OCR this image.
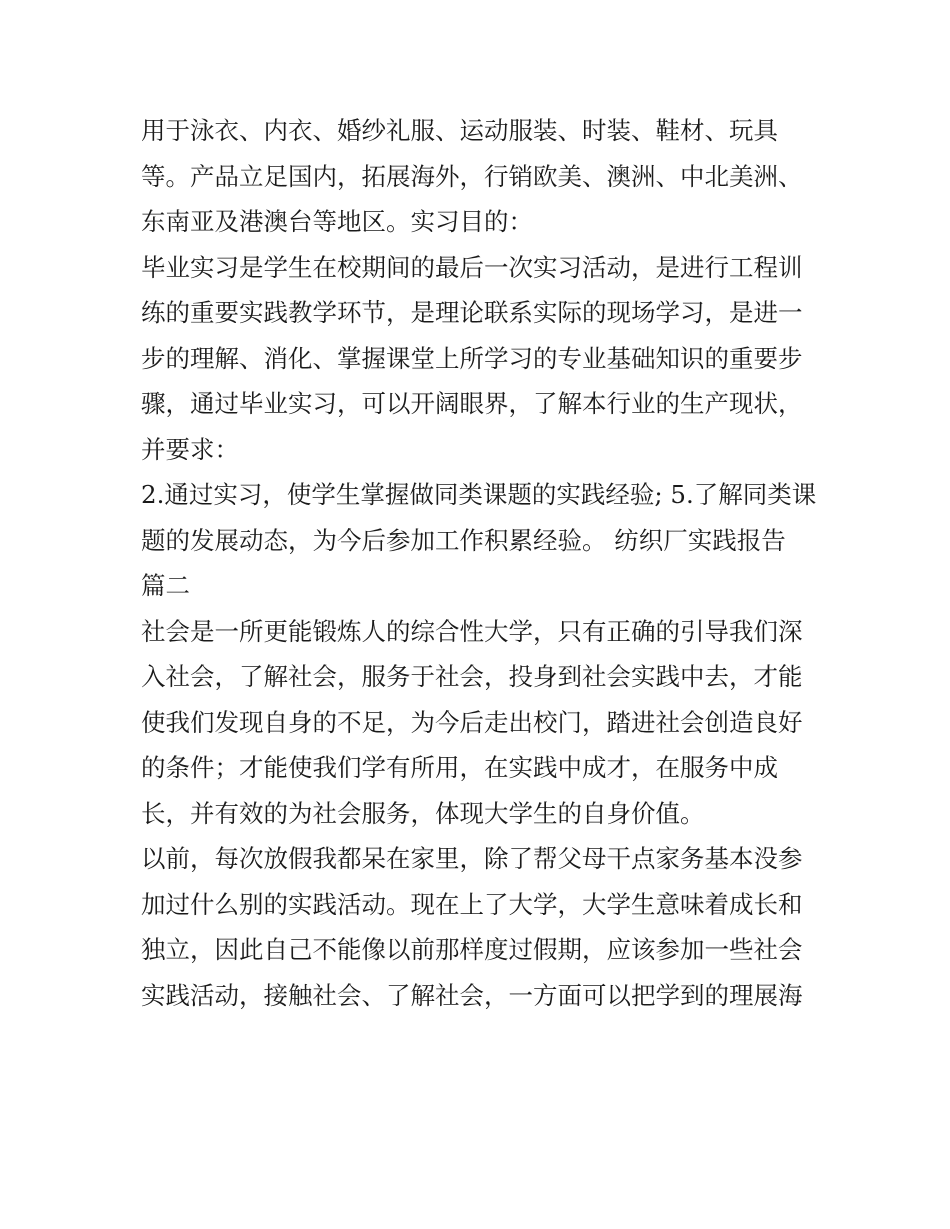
用于泳衣、内衣、婚纱礼服、运动服装、时装、鞋材、玩具
等。产品立足国内，拓展海外，行销欧美、澳洲、中北美洲、
东南亚及港澳台等地区。实习目的：
毕业实习是学生在校期间的最后一次实习活动，是进行工程训
练的重要实践教学环节，是理论联系实际的现场学习，是进一
步的理解、消化、掌握课堂上所学习的专业基础知识的重要步
骤，通过毕业实习，可以开阔眼界，了解本行业的生产现状，
并要求：
2.通过实习，使学生掌握做同类课题的实践经验; 5.了解同类课
题的发展动态，为今后参加工作积累经验。 纺织厂实践报告
篇二
社会是一所更能锻炼人的综合性大学，只有正确的引导我们深
入社会，了解社会，服务于社会，投身到社会实践中去，才能
使我们发现自身的不足，为今后走出校门，踏进社会创造良好
的条件；才能使我们学有所用，在实践中成才，在服务中成
长，并有效的为社会服务，体现大学生的自身价值。
以前，每次放假我都呆在家里，除了帮父母干点家务基本没参
加过什么别的实践活动。现在上了大学，大学生意味着成长和
独立，因此自己不能像以前那样度过假期，应该参加一些社会
实践活动，接触社会、了解社会，一方面可以把学到的理展海
